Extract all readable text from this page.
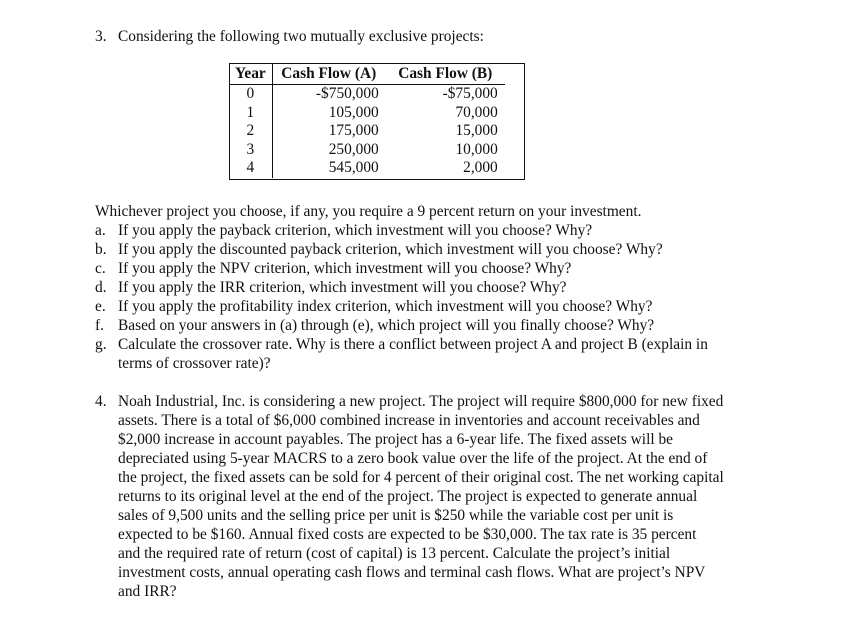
3. Considering the following two mutually exclusive projects:
Year	Cash Flow (A)	Cash Flow (B)
0	-$750,000	-$75,000
1	105,000	70,000
2	175,000	15,000
3	250,000	10,000
4	545,000	2,000
Whichever project you choose, if any, you require a 9 percent return on your investment.
a. If you apply the payback criterion, which investment will you choose? Why?
b. If you apply the discounted payback criterion, which investment will you choose? Why?
c. If you apply the NPV criterion, which investment will you choose? Why?
d. If you apply the IRR criterion, which investment will you choose? Why?
e. If you apply the profitability index criterion, which investment will you choose? Why?
f. Based on your answers in (a) through (e), which project will you finally choose? Why?
g. Calculate the crossover rate. Why is there a conflict between project A and project B (explain in
terms of crossover rate)?
4. Noah Industrial, Inc. is considering a new project. The project will require $800,000 for new fixed
assets. There is a total of $6,000 combined increase in inventories and account receivables and
$2,000 increase in account payables. The project has a 6-year life. The fixed assets will be
depreciated using 5-year MACRS to a zero book value over the life of the project. At the end of
the project, the fixed assets can be sold for 4 percent of their original cost. The net working capital
returns to its original level at the end of the project. The project is expected to generate annual
sales of 9,500 units and the selling price per unit is $250 while the variable cost per unit is
expected to be $160. Annual fixed costs are expected to be $30,000. The tax rate is 35 percent
and the required rate of return (cost of capital) is 13 percent. Calculate the project’s initial
investment costs, annual operating cash flows and terminal cash flows. What are project’s NPV
and IRR?
